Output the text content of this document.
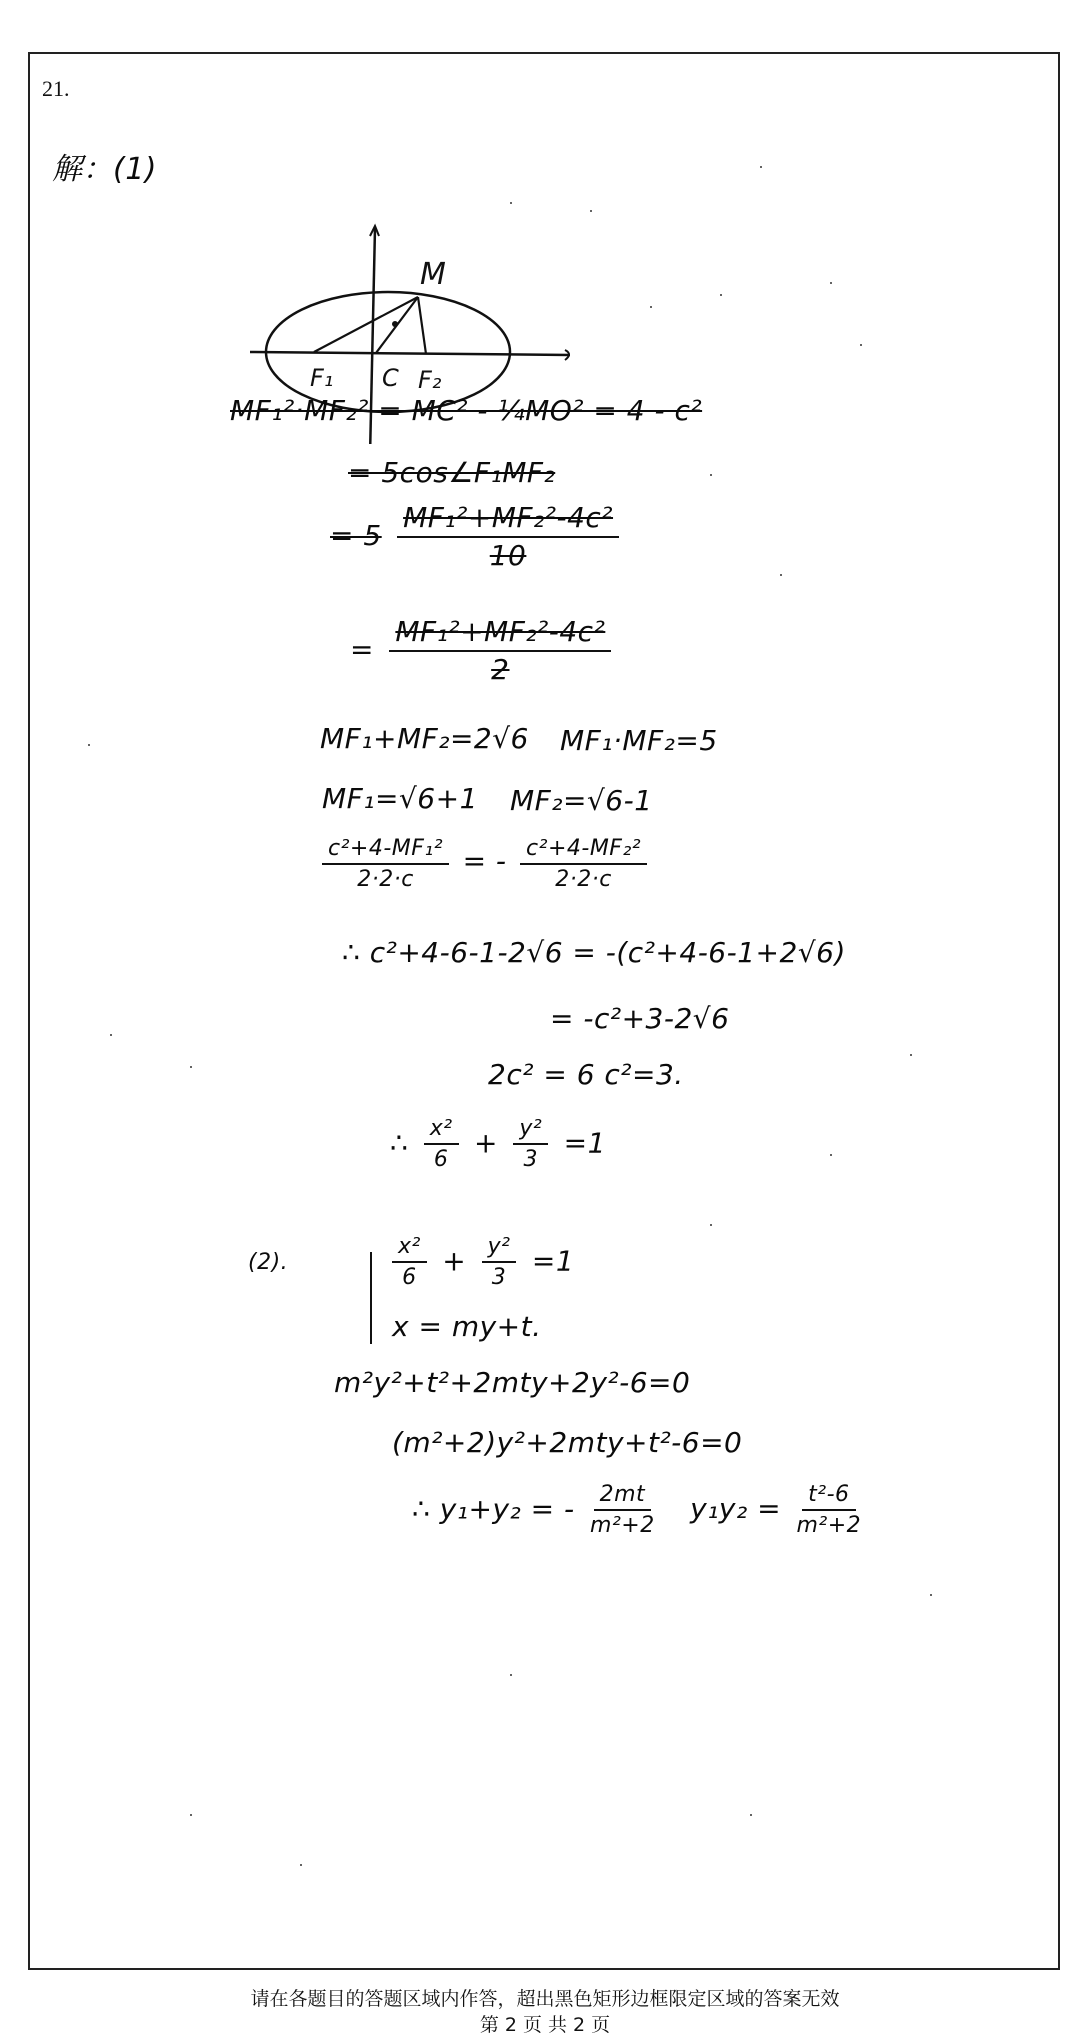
21.
解：(1)
M
F₁ C F₂
MF₁²·MF₂² = MC² - ¼MO² = 4 - c²
= 5cos∠F₁MF₂
= $5 \frac{\text{MF₁²+MF₂²-4c²}}{10}$
= $\frac{\text{MF₁²+MF₂²-4c²}}{2}$
MF₁+MF₂=2√6 MF₁·MF₂=5
MF₁=√6+1 MF₂=√6-1
$\frac{\text{c²+4-MF₁²}}{2\cdot 2\cdot c}$ = - $\frac{\text{c²+4-MF₂²}}{2\cdot 2\cdot c}$
∴ c²+4-6-1-2√6 = -(c²+4-6-1+2√6)
= -c²+3-2√6
2c² = 6 c²=3.
∴ $\frac{\text{x²}}{6} + \frac{\text{y²}}{3} =1$
(2).	$\frac{\text{x²}}{6} + \frac{\text{y²}}{3} =1$
x = my+t.
m²y²+t²+2mty+2y²-6=0
(m²+2)y²+2mty+t²-6=0
∴ y₁+y₂ = - $\frac{2mt}{\text{m²+2}} y_1y_2 = \frac{\text{t²-6}}{\text{m²+2}}$
请在各题目的答题区域内作答，超出黑色矩形边框限定区域的答案无效
第 2 页 共 2 页
